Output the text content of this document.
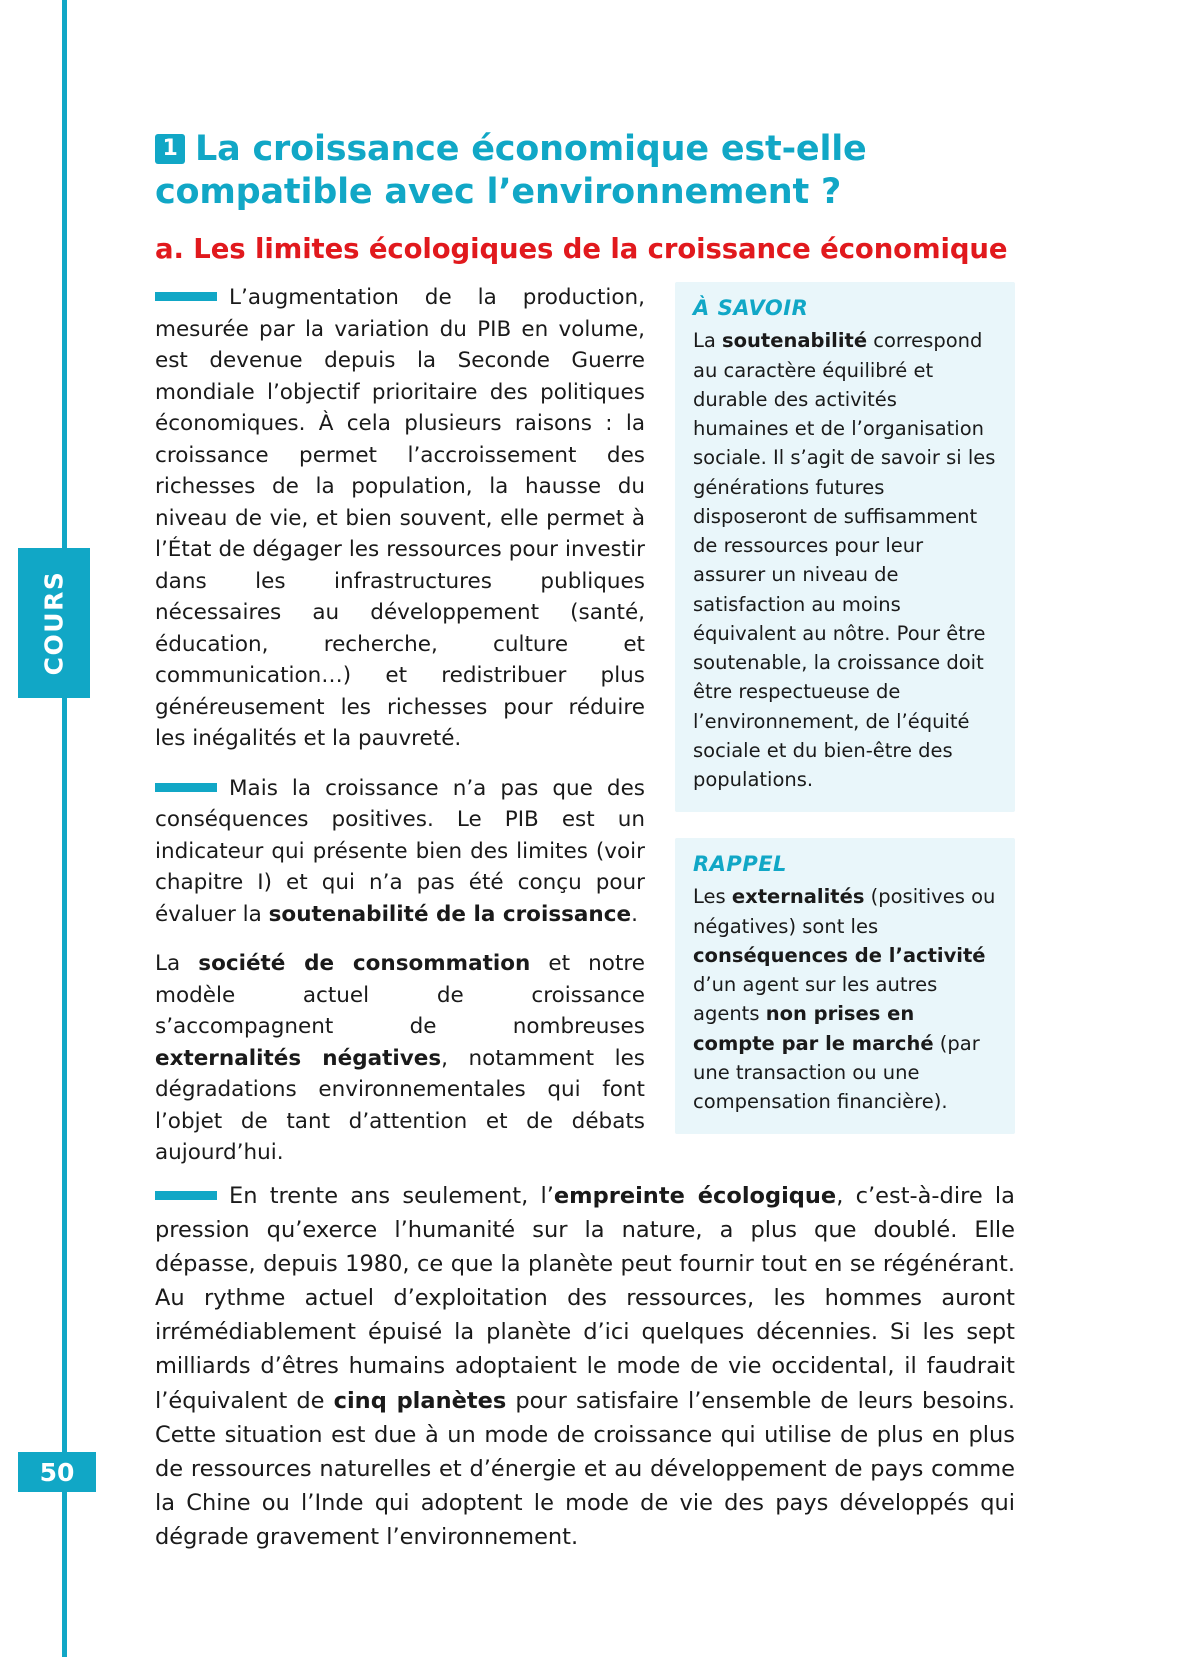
COURS
50
1 La croissance économique est-elle
compatible avec l’environnement ?
a. Les limites écologiques de la croissance économique
À SAVOIR
La soutenabilité correspond au caractère équilibré et durable des activités humaines et de l’organisation sociale. Il s’agit de savoir si les générations futures disposeront de suffisamment de ressources pour leur assurer un niveau de satisfaction au moins équivalent au nôtre. Pour être soutenable, la croissance doit être respectueuse de l’environnement, de l’équité sociale et du bien-être des populations.
RAPPEL
Les externalités (positives ou négatives) sont les conséquences de l’activité d’un agent sur les autres agents non prises en compte par le marché (par une transaction ou une compensation financière).

L’augmentation de la production, mesurée par la variation du PIB en volume, est devenue depuis la Seconde Guerre mondiale l’objectif prioritaire des politiques économiques. À cela plusieurs raisons : la croissance permet l’accroissement des richesses de la population, la hausse du niveau de vie, et bien souvent, elle permet à l’État de dégager les ressources pour investir dans les infrastructures publiques nécessaires au développement (santé, éducation, recherche, culture et communication…) et redistribuer plus généreusement les richesses pour réduire les inégalités et la pauvreté.

Mais la croissance n’a pas que des conséquences positives. Le PIB est un indicateur qui présente bien des limites (voir chapitre I) et qui n’a pas été conçu pour évaluer la soutenabilité de la croissance.

La société de consommation et notre modèle actuel de croissance s’accompagnent de nombreuses externalités négatives, notamment les dégradations environnementales qui font l’objet de tant d’attention et de débats aujourd’hui.

En trente ans seulement, l’empreinte écologique, c’est-à-dire la pression qu’exerce l’humanité sur la nature, a plus que doublé. Elle dépasse, depuis 1980, ce que la planète peut fournir tout en se régénérant. Au rythme actuel d’exploitation des ressources, les hommes auront irrémédiablement épuisé la planète d’ici quelques décennies. Si les sept milliards d’êtres humains adoptaient le mode de vie occidental, il faudrait l’équivalent de cinq planètes pour satisfaire l’ensemble de leurs besoins. Cette situation est due à un mode de croissance qui utilise de plus en plus de ressources naturelles et d’énergie et au développement de pays comme la Chine ou l’Inde qui adoptent le mode de vie des pays développés qui dégrade gravement l’environnement.
